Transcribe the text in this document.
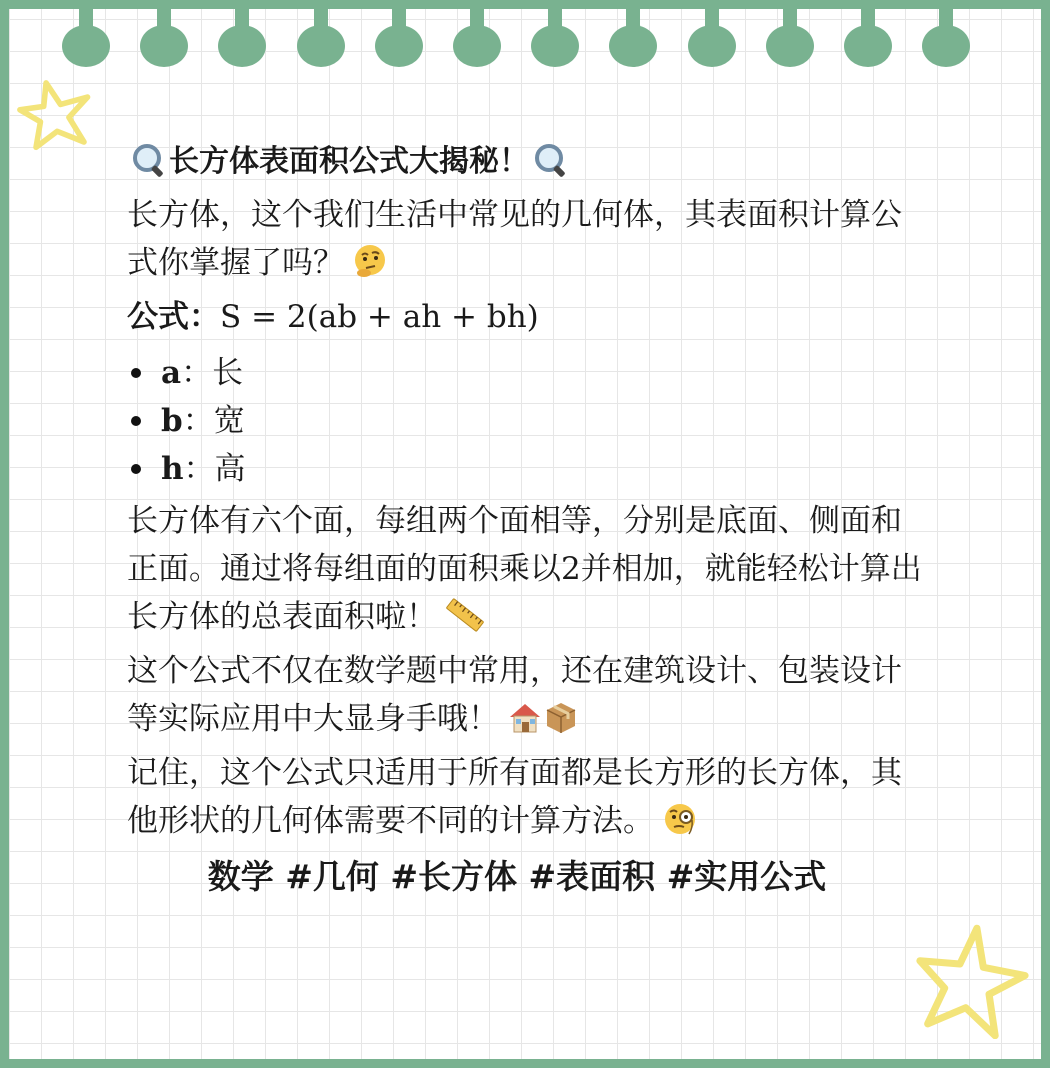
长方体表面积公式大揭秘！
长方体，这个我们生活中常见的几何体，其表面积计算公式你掌握了吗？
公式：S = 2(ab + ah + bh)
a ： 长
b ： 宽
h ： 高
长方体有六个面，每组两个面相等，分别是底面、侧面和正面。通过将每组面的面积乘以2并相加，就能轻松计算出长方体的总表面积啦！
这个公式不仅在数学题中常用，还在建筑设计、包装设计等实际应用中大显身手哦！
记住，这个公式只适用于所有面都是长方形的长方体，其他形状的几何体需要不同的计算方法。
数学 #几何 #长方体 #表面积 #实用公式
